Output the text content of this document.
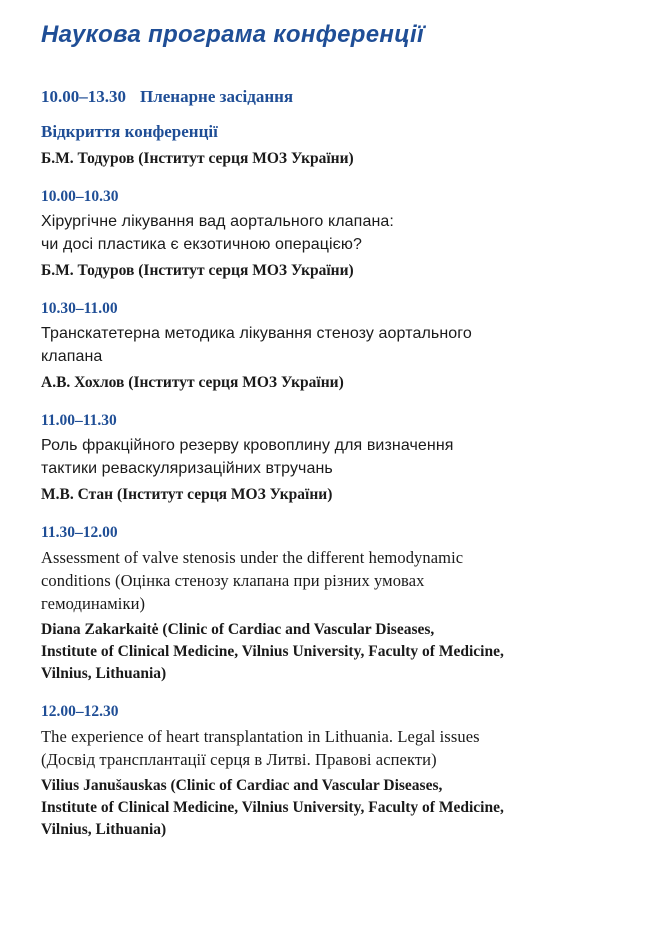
Наукова програма конференції
10.00–13.30 Пленарне засідання
Відкриття конференції
Б.М. Тодуров (Інститут серця МОЗ України)
10.00–10.30
Хірургічне лікування вад аортального клапана:
чи досі пластика є екзотичною операцією?
Б.М. Тодуров (Інститут серця МОЗ України)
10.30–11.00
Транскатетерна методика лікування стенозу аортального
клапана
А.В. Хохлов (Інститут серця МОЗ України)
11.00–11.30
Роль фракційного резерву кровоплину для визначення
тактики реваскуляризаційних втручань
М.В. Стан (Інститут серця МОЗ України)
11.30–12.00
Assessment of valve stenosis under the different hemodynamic
conditions (Оцінка стенозу клапана при різних умовах
гемодинаміки)
Diana Zakarkaitė (Clinic of Cardiac and Vascular Diseases,
Institute of Clinical Medicine, Vilnius University, Faculty of Medicine,
Vilnius, Lithuania)
12.00–12.30
The experience of heart transplantation in Lithuania. Legal issues
(Досвід трансплантації серця в Литві. Правові аспекти)
Vilius Janušauskas (Clinic of Cardiac and Vascular Diseases,
Institute of Clinical Medicine, Vilnius University, Faculty of Medicine,
Vilnius, Lithuania)
